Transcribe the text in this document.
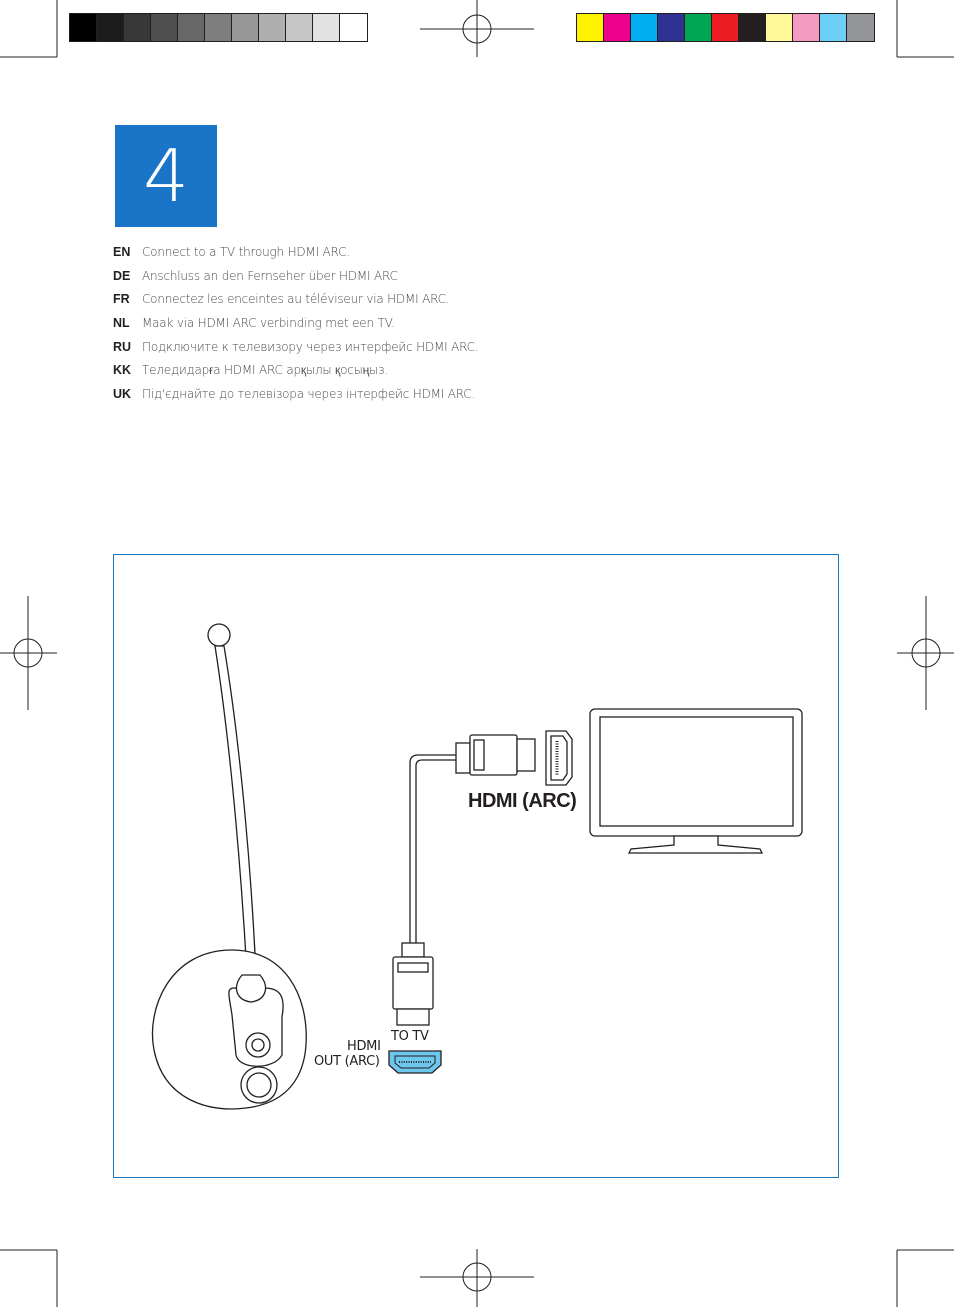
4
EN Connect to a TV through HDMI ARC.
DE Anschluss an den Fernseher über HDMI ARC
FR	Connectez les enceintes au téléviseur via HDMI ARC.
NL	Maak via HDMI ARC verbinding met een TV.
RU Подключите к телевизору через интерфейс HDMI ARC.
KK Теледидарға HDMI ARC арқылы қосыңыз.
UK Під'єднайте до телевізора через інтерфейс HDMI ARC.
HDMI (ARC)
TO TV
HDMI
OUT (ARC)
